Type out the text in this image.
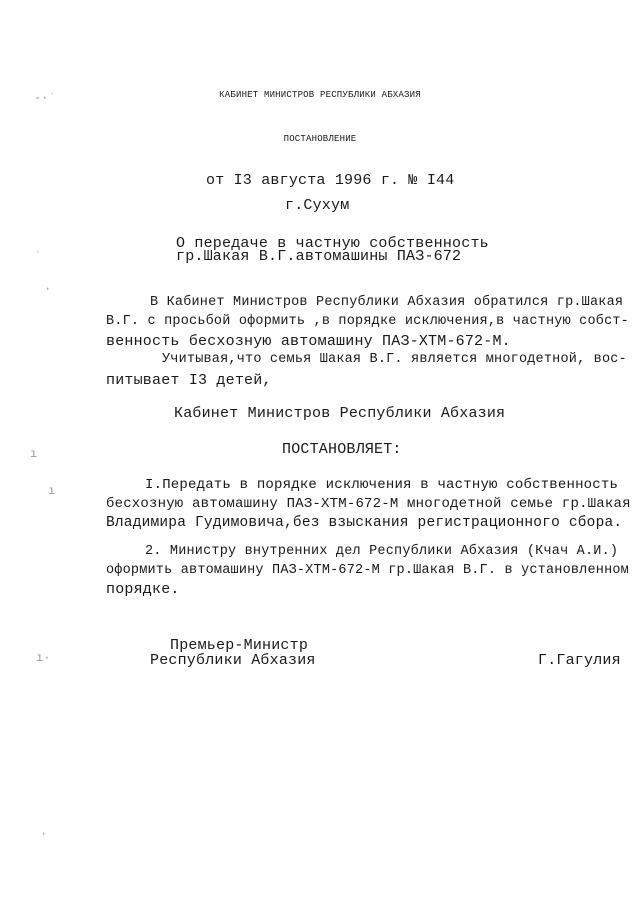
-·ʾ
ʾ
·
ı
ı
ı·
·
КАБИНЕТ МИНИСТРОВ РЕСПУБЛИКИ АБХАЗИЯ
ПОСТАНОВЛЕНИЕ
от I3 августа 1996 г. № I44
г.Сухум
О передаче в частную собственность
гр.Шакая В.Г.автомашины ПАЗ-672
В Кабинет Министров Республики Абхазия обратился гр.Шакая
В.Г. с просьбой оформить ,в порядке исключения,в частную собст-
венность бесхозную автомашину ПАЗ-ХТМ-672-М.
Учитывая,что семья Шакая В.Г. является многодетной, вос-
питывает I3 детей,
Кабинет Министров Республики Абхазия
ПОСТАНОВЛЯЕТ:
I.Передать в порядке исключения в частную собственность
бесхозную автомашину ПАЗ-ХТМ-672-М многодетной семье гр.Шакая
Владимира Гудимовича,без взыскания регистрационного сбора.
2. Министру внутренних дел Республики Абхазия (Кчач А.И.)
оформить автомашину ПАЗ-ХТМ-672-М гр.Шакая В.Г. в установленном
порядке.
Премьер-Министр
Республики Абхазия	Г.Гагулия
